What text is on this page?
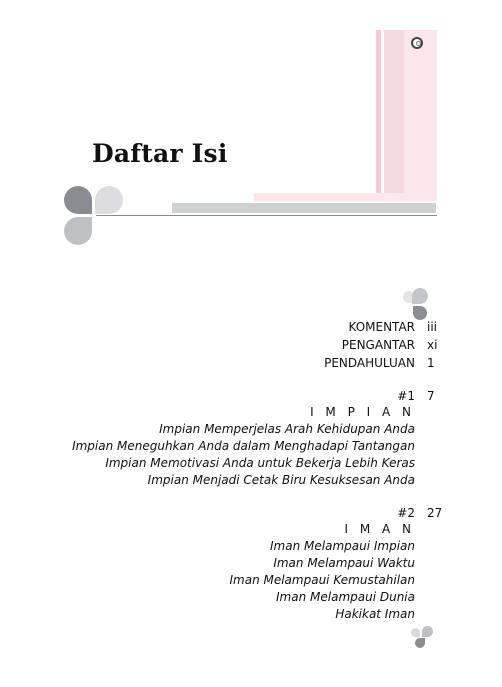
Daftar Isi
KOMENTAR iii
PENGANTAR xi
PENDAHULUAN 1
#1 7
I M P I A N
Impian Memperjelas Arah Kehidupan Anda
Impian Meneguhkan Anda dalam Menghadapi Tantangan
Impian Memotivasi Anda untuk Bekerja Lebih Keras
Impian Menjadi Cetak Biru Kesuksesan Anda
#2 27
I M A N
Iman Melampaui Impian
Iman Melampaui Waktu
Iman Melampaui Kemustahilan
Iman Melampaui Dunia
Hakikat Iman
